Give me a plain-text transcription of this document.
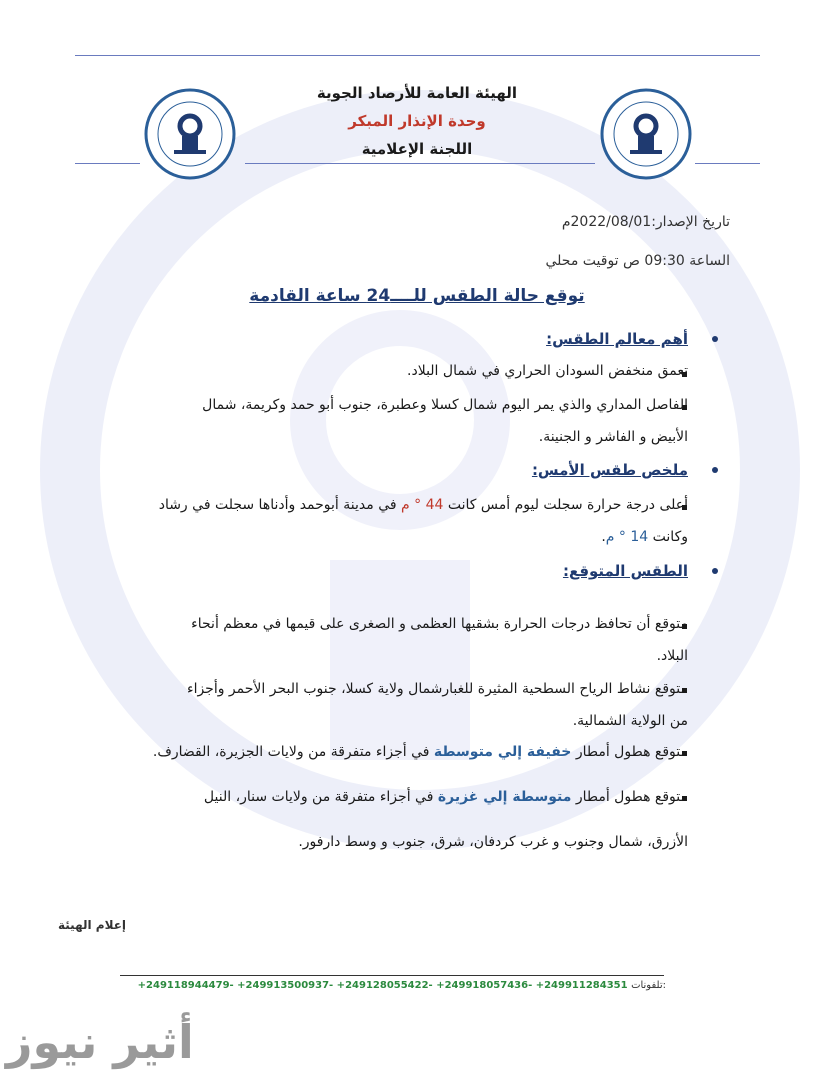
الهيئة العامة للأرصاد الجوية
وحدة الإنذار المبكر
اللجنة الإعلامية
تاريخ الإصدار:2022/08/01م
الساعة 09:30 ص توقيت محلي
توقع حالة الطقس للــــ24 ساعة القادمة
أهم معالم الطقس:
تعمق منخفض السودان الحراري في شمال البلاد.
الفاصل المداري والذي يمر اليوم شمال كسلا وعطبرة، جنوب أبو حمد وكريمة، شمال
الأبيض و الفاشر و الجنينة.
ملخص طقس الأمس:
أعلى درجة حرارة سجلت ليوم أمس كانت 44 ° م في مدينة أبوحمد وأدناها سجلت في رشاد
وكانت 14 ° م.
الطقس المتوقع:
متوقع أن تحافظ درجات الحرارة بشقيها العظمى و الصغرى على قيمها في معظم أنحاء
البلاد.
متوقع نشاط الرياح السطحية المثيرة للغبارشمال ولاية كسلا، جنوب البحر الأحمر وأجزاء
من الولاية الشمالية.
متوقع هطول أمطار خفيفة إلي متوسطة في أجزاء متفرقة من ولايات الجزيرة، القضارف.
متوقع هطول أمطار متوسطة إلي غزيرة في أجزاء متفرقة من ولايات سنار، النيل
الأزرق، شمال وجنوب و غرب كردفان، شرق، جنوب و وسط دارفور.
إعلام الهيئة
+249118944479- +249913500937- +249128055422- +249918057436- +249911284351 تلفونات:
أثير نيوز
